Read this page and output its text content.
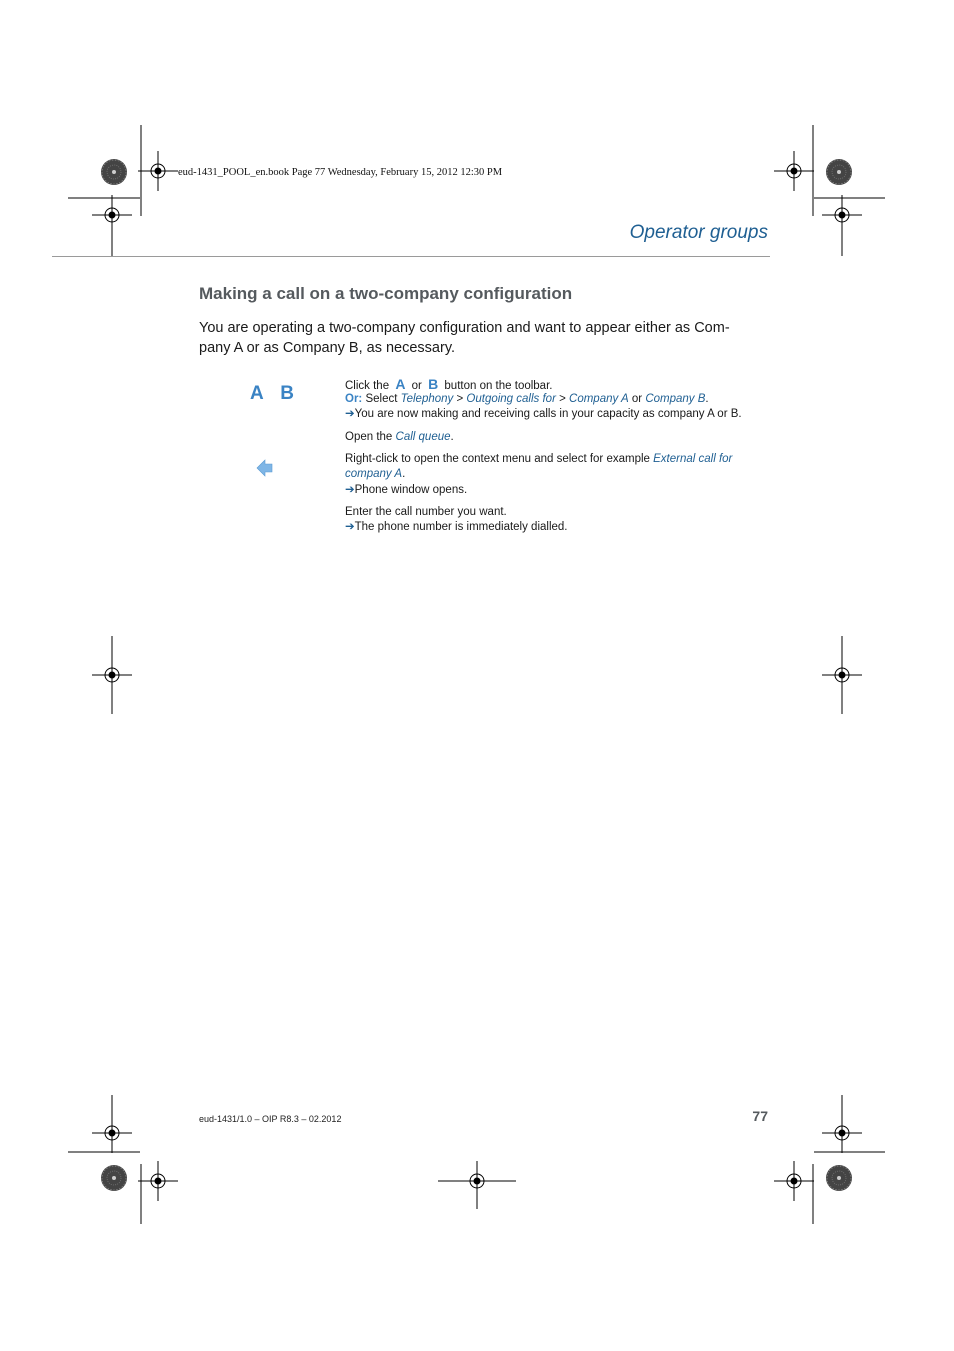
eud-1431_POOL_en.book Page 77 Wednesday, February 15, 2012 12:30 PM
Operator groups
Making a call on a two-company configuration
You are operating a two-company configuration and want to appear either as Com-
pany A or as Company B, as necessary.
A B	Click the A or B button on the toolbar.
Or: Select Telephony > Outgoing calls for > Company A or Company B.
➔You are now making and receiving calls in your capacity as company A or B.
Open the Call queue.
Right-click to open the context menu and select for example External call for
company A.
➔Phone window opens.
Enter the call number you want.
➔The phone number is immediately dialled.
eud-1431/1.0 – OIP R8.3 – 02.2012	77
